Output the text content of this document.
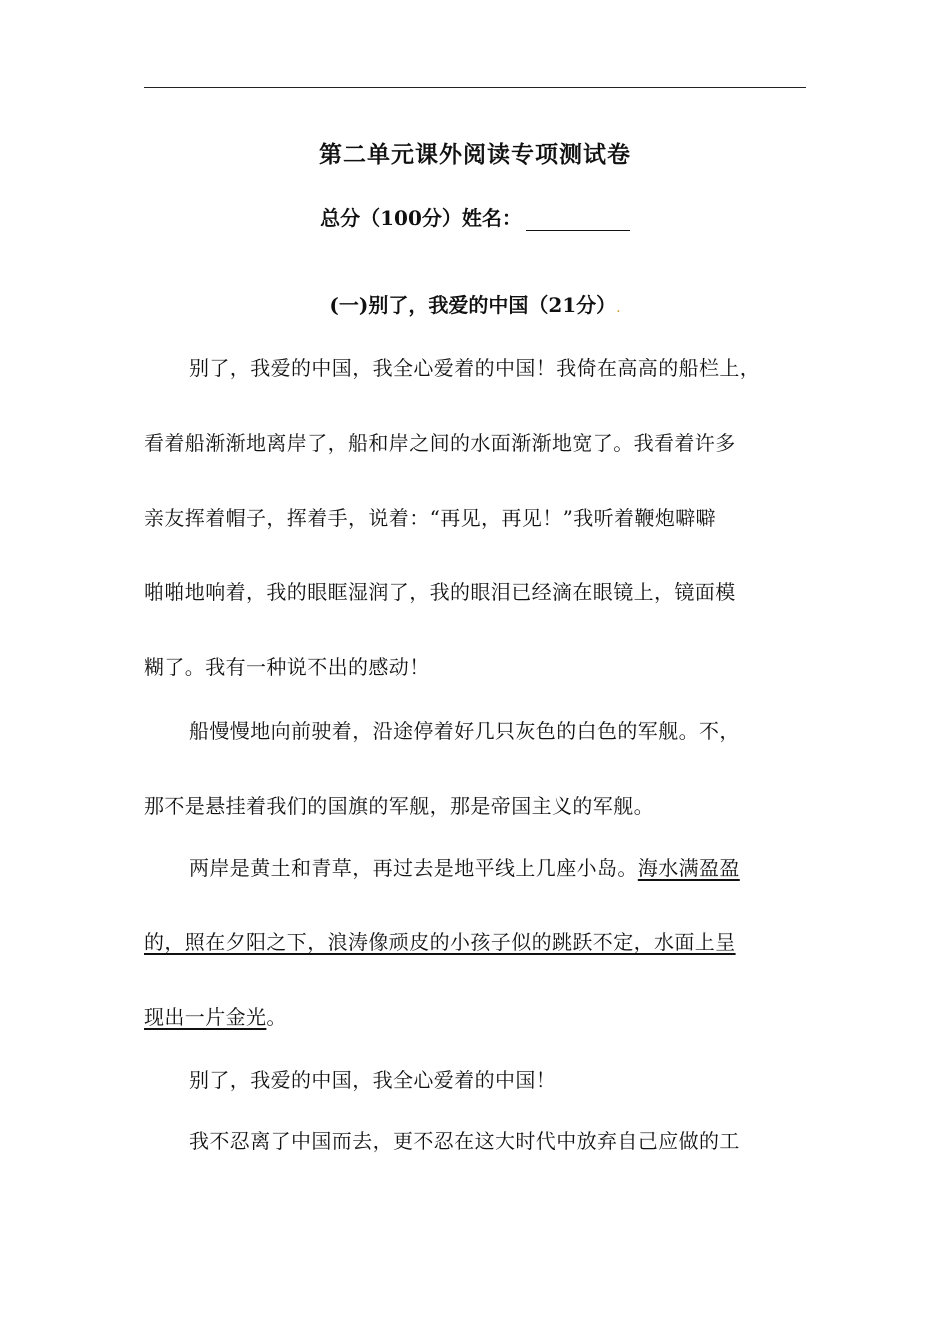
第二单元课外阅读专项测试卷
总分（100分）姓名：
(一)别了，我爱的中国（21分）.
别了，我爱的中国，我全心爱着的中国！我倚在高高的船栏上，
看着船渐渐地离岸了，船和岸之间的水面渐渐地宽了。我看着许多
亲友挥着帽子，挥着手，说着：“再见，再见！”我听着鞭炮噼噼
啪啪地响着，我的眼眶湿润了，我的眼泪已经滴在眼镜上，镜面模
糊了。我有一种说不出的感动！
船慢慢地向前驶着，沿途停着好几只灰色的白色的军舰。不，
那不是悬挂着我们的国旗的军舰，那是帝国主义的军舰。
两岸是黄土和青草，再过去是地平线上几座小岛。海水满盈盈
的，照在夕阳之下，浪涛像顽皮的小孩子似的跳跃不定，水面上呈
现出一片金光。
别了，我爱的中国，我全心爱着的中国！
我不忍离了中国而去，更不忍在这大时代中放弃自己应做的工
